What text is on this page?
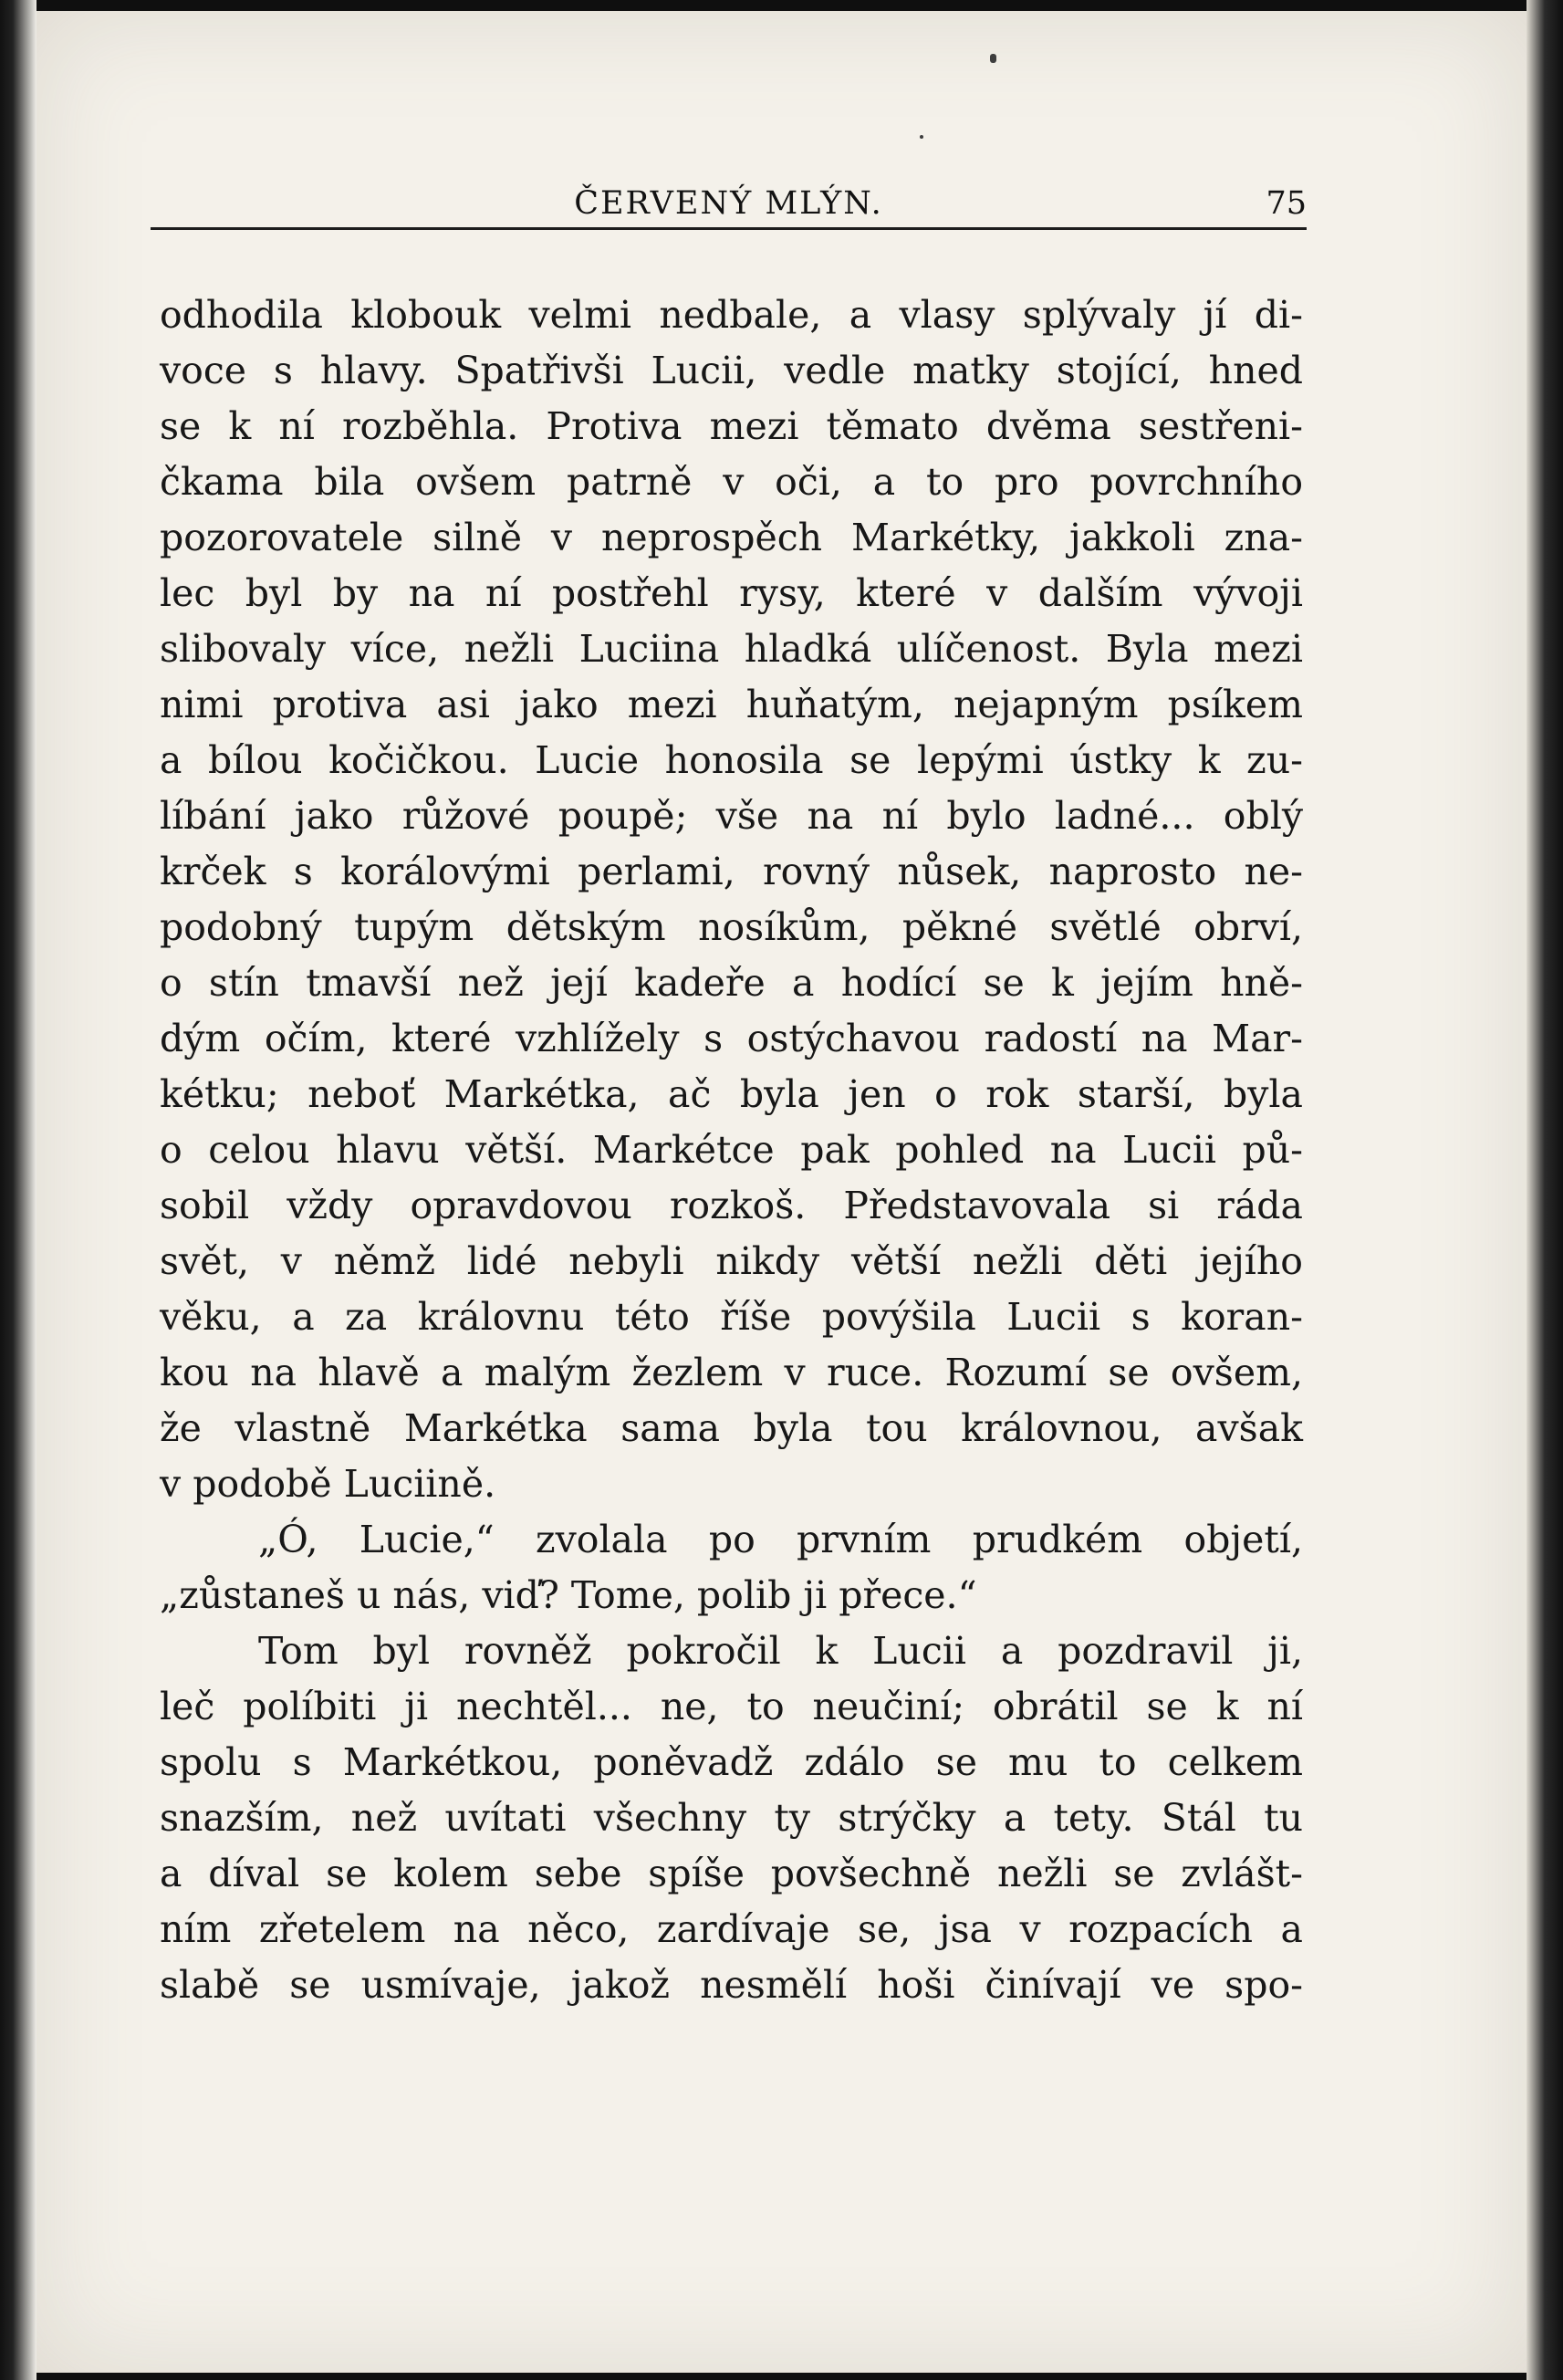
ČERVENÝ MLÝN.	75
odhodila klobouk velmi nedbale, a vlasy splývaly jí di-
voce s hlavy. Spatřivši Lucii, vedle matky stojící, hned
se k ní rozběhla. Protiva mezi těmato dvěma sestřeni-
čkama bila ovšem patrně v oči, a to pro povrchního
pozorovatele silně v neprospěch Markétky, jakkoli zna-
lec byl by na ní postřehl rysy, které v dalším vývoji
slibovaly více, nežli Luciina hladká ulíčenost. Byla mezi
nimi protiva asi jako mezi huňatým, nejapným psíkem
a bílou kočičkou. Lucie honosila se lepými ústky k zu-
líbání jako růžové poupě; vše na ní bylo ladné... oblý
krček s korálovými perlami, rovný nůsek, naprosto ne-
podobný tupým dětským nosíkům, pěkné světlé obrví,
o stín tmavší než její kadeře a hodící se k jejím hně-
dým očím, které vzhlížely s ostýchavou radostí na Mar-
kétku; neboť Markétka, ač byla jen o rok starší, byla
o celou hlavu větší. Markétce pak pohled na Lucii pů-
sobil vždy opravdovou rozkoš. Představovala si ráda
svět, v němž lidé nebyli nikdy větší nežli děti jejího
věku, a za královnu této říše povýšila Lucii s koran-
kou na hlavě a malým žezlem v ruce. Rozumí se ovšem,
že vlastně Markétka sama byla tou královnou, avšak
v podobě Luciině.
„Ó, Lucie,“ zvolala po prvním prudkém objetí,
„zůstaneš u nás, viď? Tome, polib ji přece.“
Tom byl rovněž pokročil k Lucii a pozdravil ji,
leč políbiti ji nechtěl... ne, to neučiní; obrátil se k ní
spolu s Markétkou, poněvadž zdálo se mu to celkem
snazším, než uvítati všechny ty strýčky a tety. Stál tu
a díval se kolem sebe spíše povšechně nežli se zvlášt-
ním zřetelem na něco, zardívaje se, jsa v rozpacích a
slabě se usmívaje, jakož nesmělí hoši činívají ve spo-
